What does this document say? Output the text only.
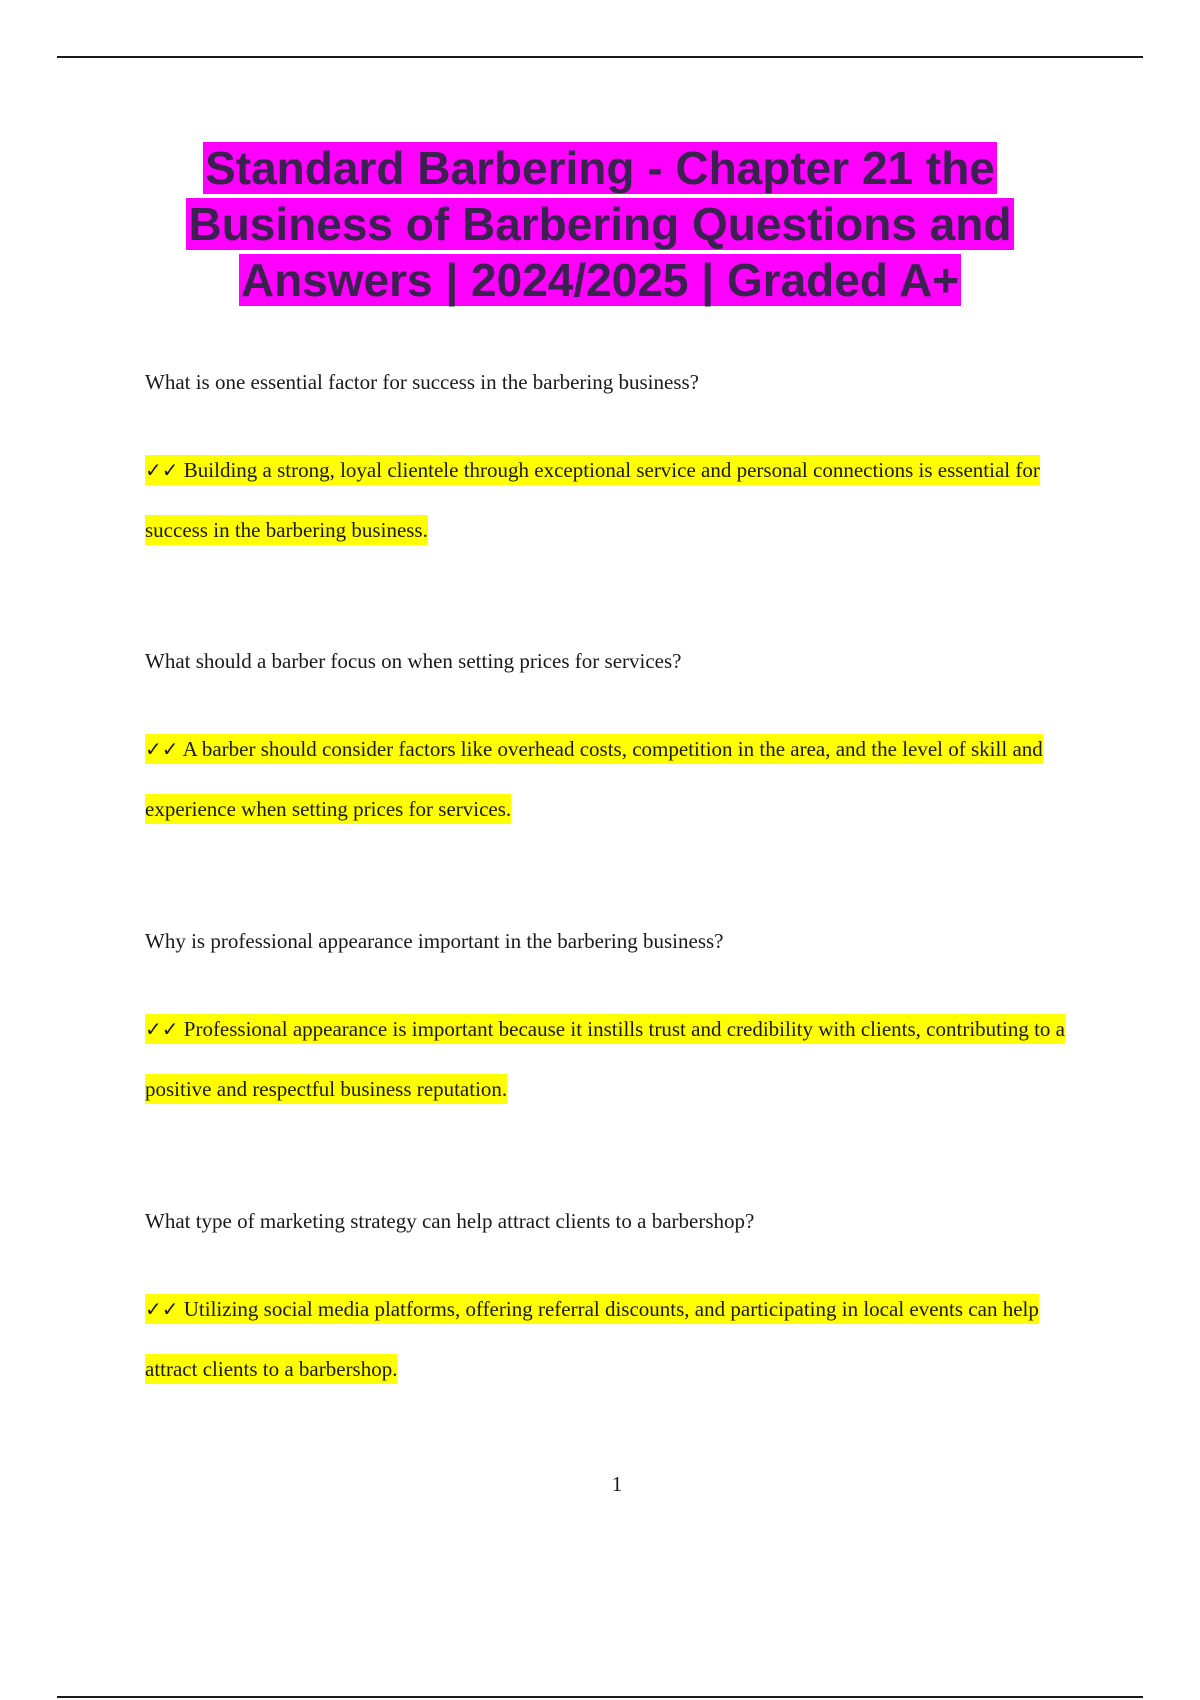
Standard Barbering - Chapter 21 the Business of Barbering Questions and Answers | 2024/2025 | Graded A+

What is one essential factor for success in the barbering business?

✓✓ Building a strong, loyal clientele through exceptional service and personal connections is essential for success in the barbering business.

What should a barber focus on when setting prices for services?

✓✓ A barber should consider factors like overhead costs, competition in the area, and the level of skill and experience when setting prices for services.

Why is professional appearance important in the barbering business?

✓✓ Professional appearance is important because it instills trust and credibility with clients, contributing to a positive and respectful business reputation.

What type of marketing strategy can help attract clients to a barbershop?

✓✓ Utilizing social media platforms, offering referral discounts, and participating in local events can help attract clients to a barbershop.

1
